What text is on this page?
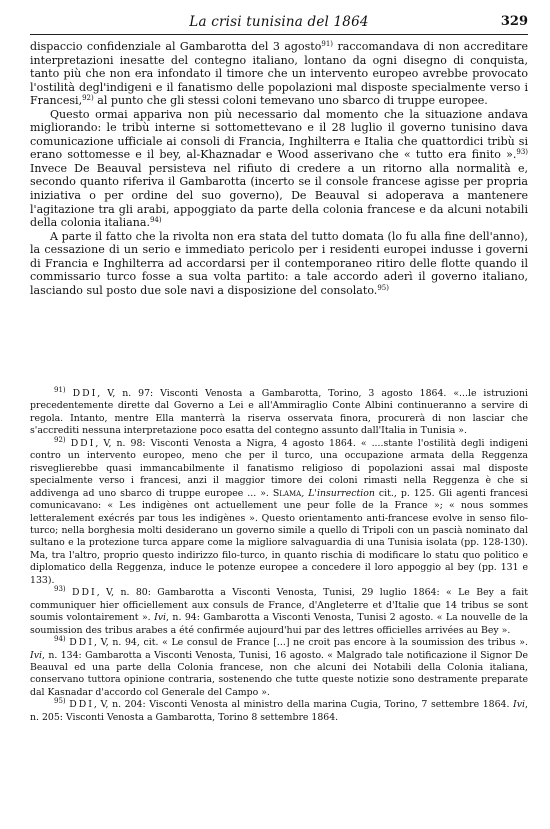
La crisi tunisina del 1864	329

dispaccio confidenziale al Gambarotta del 3 agosto$^{91)}$ raccomandava di non accreditare interpretazioni inesatte del contegno italiano, lontano da ogni disegno di conquista, tanto più che non era infondato il timore che un intervento europeo avrebbe provocato l'ostilità degl'indigeni e il fanatismo delle popolazioni mal disposte specialmente verso i Francesi,$^{92)}$ al punto che gli stessi coloni temevano uno sbarco di truppe europee.

Questo ormai appariva non più necessario dal momento che la situazione andava migliorando: le tribù interne si sottomettevano e il 28 luglio il governo tunisino dava comunicazione ufficiale ai consoli di Francia, Inghilterra e Italia che quattordici tribù si erano sottomesse e il bey, al-Khaznadar e Wood asserivano che « tutto era finito ».$^{93)}$ Invece De Beauval persisteva nel rifiuto di credere a un ritorno alla normalità e, secondo quanto riferiva il Gambarotta (incerto se il console francese agisse per propria iniziativa o per ordine del suo governo), De Beauval si adoperava a mantenere l'agitazione tra gli arabi, appoggiato da parte della colonia francese e da alcuni notabili della colonia italiana.$^{94)}$

A parte il fatto che la rivolta non era stata del tutto domata (lo fu alla fine dell'anno), la cessazione di un serio e immediato pericolo per i residenti europei indusse i governi di Francia e Inghilterra ad accordarsi per il contemporaneo ritiro delle flotte quando il commissario turco fosse a sua volta partito: a tale accordo aderì il governo italiano, lasciando sul posto due sole navi a disposizione del consolato.$^{95)}$

$^{91)}$ DDI, V, n. 97: Visconti Venosta a Gambarotta, Torino, 3 agosto 1864. «...le istruzioni precedentemente dirette dal Governo a Lei e all'Ammiraglio Conte Albini continueranno a servire di regola. Intanto, mentre Ella manterrà la riserva osservata finora, procurerà di non lasciar che s'accrediti nessuna interpretazione poco esatta del contegno assunto dall'Italia in Tunisia ».

$^{92)}$ DDI, V, n. 98: Visconti Venosta a Nigra, 4 agosto 1864. « ....stante l'ostilità degli indigeni contro un intervento europeo, meno che per il turco, una occupazione armata della Reggenza risveglierebbe quasi immancabilmente il fanatismo religioso di popolazioni assai mal disposte specialmente verso i francesi, anzi il maggior timore dei coloni rimasti nella Reggenza è che si addivenga ad uno sbarco di truppe europee ... ». Slama, L'insurrection cit., p. 125. Gli agenti francesi comunicavano: « Les indigènes ont actuellement une peur folle de la France »; « nous sommes letteralement exécrés par tous les indigènes ». Questo orientamento anti-francese evolve in senso filo-turco; nella borghesia molti desiderano un governo simile a quello di Tripoli con un pascià nominato dal sultano e la protezione turca appare come la migliore salvaguardia di una Tunisia isolata (pp. 128-130). Ma, tra l'altro, proprio questo indirizzo filo-turco, in quanto rischia di modificare lo statu quo politico e diplomatico della Reggenza, induce le potenze europee a concedere il loro appoggio al bey (pp. 131 e 133).

$^{93)}$ DDI, V, n. 80: Gambarotta a Visconti Venosta, Tunisi, 29 luglio 1864: « Le Bey a fait communiquer hier officiellement aux consuls de France, d'Angleterre et d'Italie que 14 tribus se sont soumis volontairement ». Ivi, n. 94: Gambarotta a Visconti Venosta, Tunisi 2 agosto. « La nouvelle de la soumission des tribus arabes a été confirmée aujourd'hui par des lettres officielles arrivées au Bey ».

$^{94)}$ DDI, V, n. 94, cit. « Le consul de France [...] ne croit pas encore à la soumission des tribus ». Ivi, n. 134: Gambarotta a Visconti Venosta, Tunisi, 16 agosto. « Malgrado tale notificazione il Signor De Beauval ed una parte della Colonia francese, non che alcuni dei Notabili della Colonia italiana, conservano tuttora opinione contraria, sostenendo che tutte queste notizie sono destramente preparate dal Kasnadar d'accordo col Generale del Campo ».

$^{95)}$ DDI, V, n. 204: Visconti Venosta al ministro della marina Cugia, Torino, 7 settembre 1864. Ivi, n. 205: Visconti Venosta a Gambarotta, Torino 8 settembre 1864.
